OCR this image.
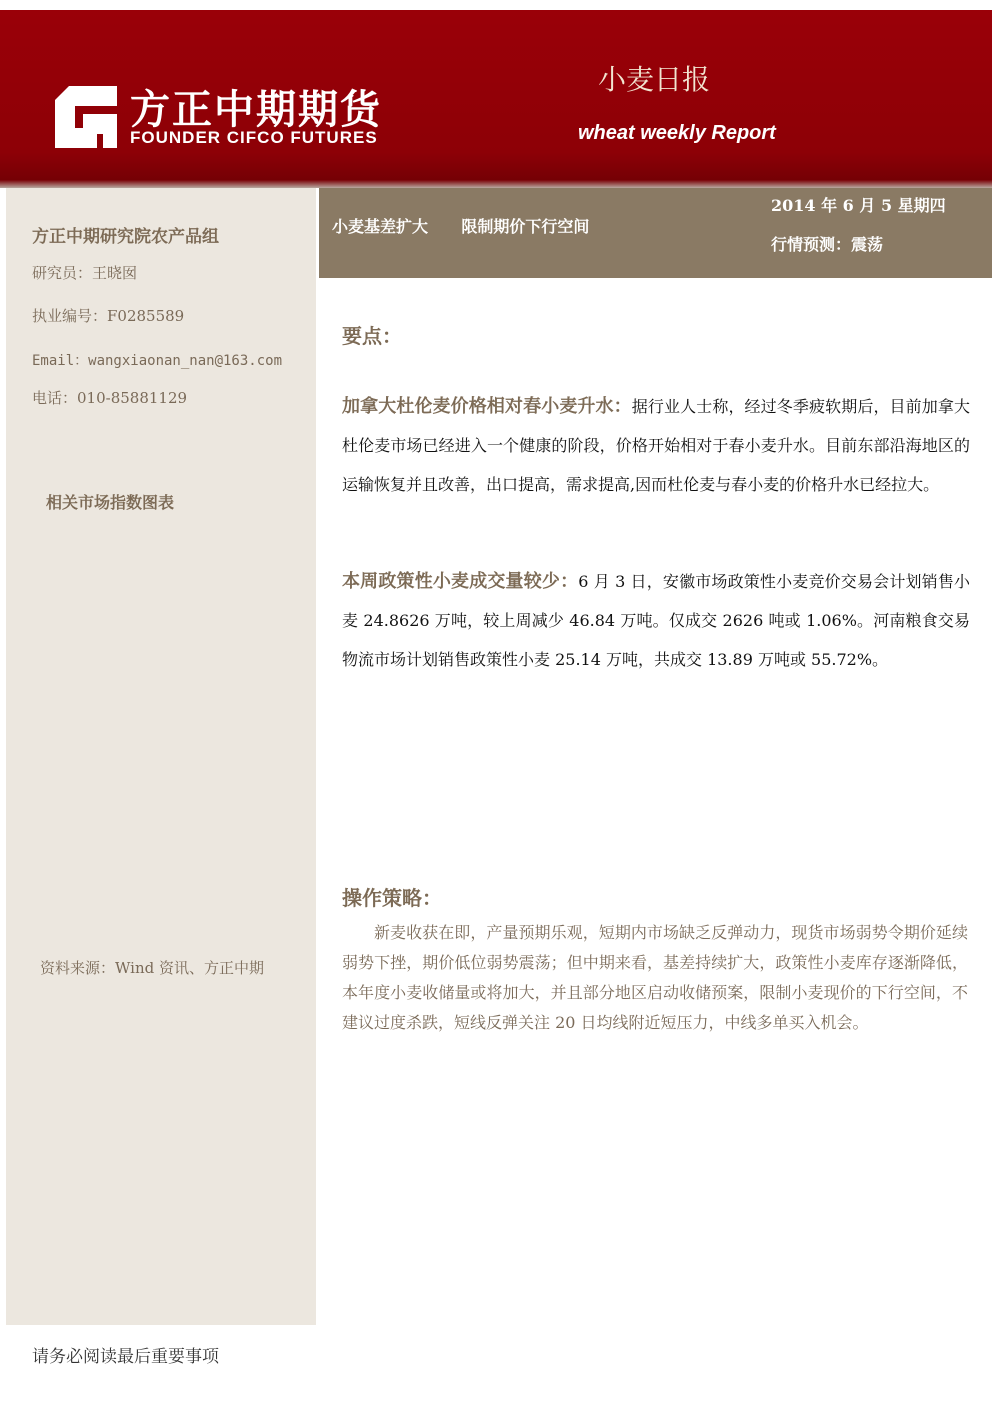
方正中期期货
FOUNDER CIFCO FUTURES
小麦日报
wheat weekly Report
方正中期研究院农产品组
研究员：王晓囡
执业编号：F0285589
Email：wangxiaonan_nan@163.com
电话：010-85881129
相关市场指数图表
资料来源：Wind 资讯、方正中期
小麦基差扩大      限制期价下行空间
2014 年 6 月 5 星期四
行情预测：震荡
要点：
加拿大杜伦麦价格相对春小麦升水：据行业人士称，经过冬季疲软期后，目前加拿大杜伦麦市场已经进入一个健康的阶段，价格开始相对于春小麦升水。目前东部沿海地区的运输恢复并且改善，出口提高，需求提高,因而杜伦麦与春小麦的价格升水已经拉大。
本周政策性小麦成交量较少：6 月 3 日，安徽市场政策性小麦竞价交易会计划销售小麦 24.8626 万吨，较上周减少 46.84 万吨。仅成交 2626 吨或 1.06%。河南粮食交易物流市场计划销售政策性小麦 25.14 万吨，共成交 13.89 万吨或 55.72%。
操作策略：
新麦收获在即，产量预期乐观，短期内市场缺乏反弹动力，现货市场弱势令期价延续弱势下挫，期价低位弱势震荡；但中期来看，基差持续扩大，政策性小麦库存逐渐降低，本年度小麦收储量或将加大，并且部分地区启动收储预案，限制小麦现价的下行空间，不建议过度杀跌，短线反弹关注 20 日均线附近短压力，中线多单买入机会。
请务必阅读最后重要事项
